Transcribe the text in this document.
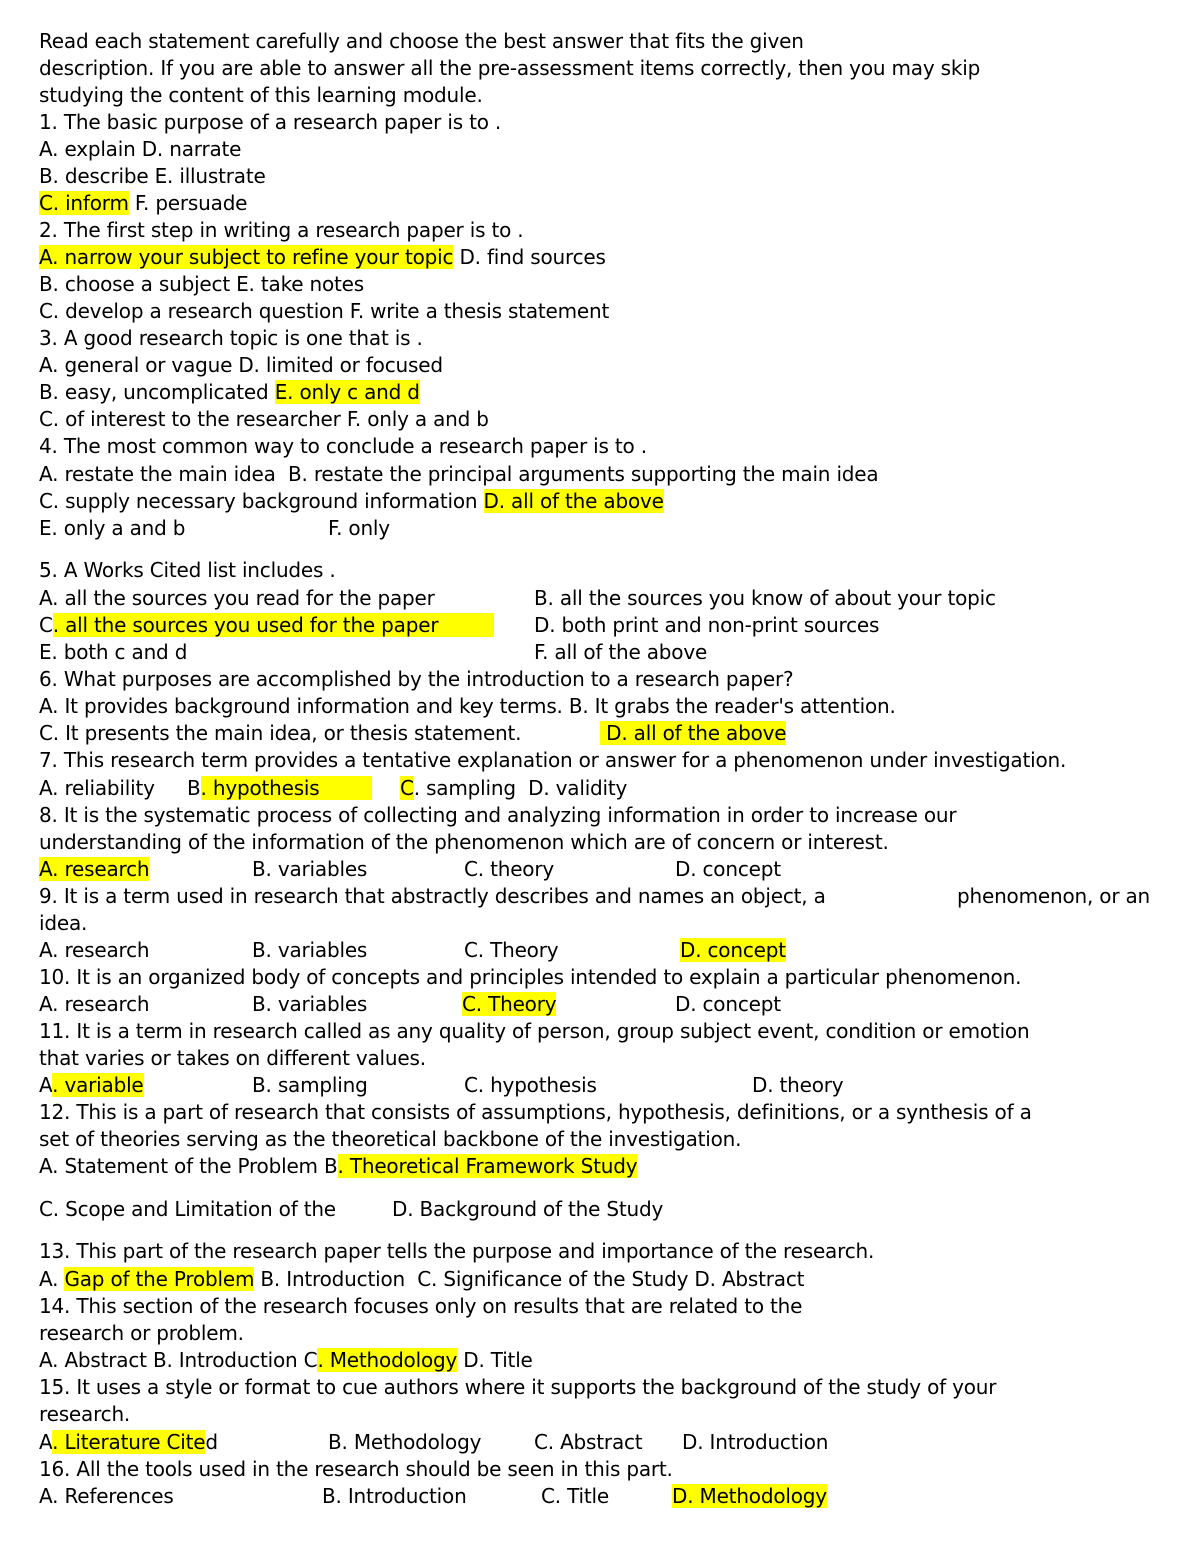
Read each statement carefully and choose the best answer that fits the given
description. If you are able to answer all the pre-assessment items correctly, then you may skip
studying the content of this learning module.
1. The basic purpose of a research paper is to .
A. explain D. narrate
B. describe E. illustrate
C. inform F. persuade
2. The first step in writing a research paper is to .
A. narrow your subject to refine your topic D. find sources
B. choose a subject E. take notes
C. develop a research question F. write a thesis statement
3. A good research topic is one that is .
A. general or vague D. limited or focused
B. easy, uncomplicated E. only c and d
C. of interest to the researcher F. only a and b
4. The most common way to conclude a research paper is to .
A. restate the main idea  B. restate the principal arguments supporting the main idea
C. supply necessary background information D. all of the above
E. only a and b	F. only
5. A Works Cited list includes .
A. all the sources you read for the paper	B. all the sources you know of about your topic
C. all the sources you used for the paper	D. both print and non-print sources
E. both c and d	F. all of the above
6. What purposes are accomplished by the introduction to a research paper?
A. It provides background information and key terms. B. It grabs the reader's attention.
C. It presents the main idea, or thesis statement.	D. all of the above
7. This research term provides a tentative explanation or answer for a phenomenon under investigation.
A. reliability B. hypothesis	C. sampling  D. validity
8. It is the systematic process of collecting and analyzing information in order to increase our
understanding of the information of the phenomenon which are of concern or interest.
A. research	B. variables	C. theory	D. concept
9. It is a term used in research that abstractly describes and names an object, a	phenomenon, or an
idea.
A. research	B. variables	C. Theory	D. concept
10. It is an organized body of concepts and principles intended to explain a particular phenomenon.
A. research	B. variables	C. Theory	D. concept
11. It is a term in research called as any quality of person, group subject event, condition or emotion
that varies or takes on different values.
A. variable	B. sampling	C. hypothesis	D. theory
12. This is a part of research that consists of assumptions, hypothesis, definitions, or a synthesis of a
set of theories serving as the theoretical backbone of the investigation.
A. Statement of the Problem B. Theoretical Framework Study
C. Scope and Limitation of the	D. Background of the Study
13. This part of the research paper tells the purpose and importance of the research.
A. Gap of the Problem B. Introduction  C. Significance of the Study D. Abstract
14. This section of the research focuses only on results that are related to the
research or problem.
A. Abstract B. Introduction C. Methodology D. Title
15. It uses a style or format to cue authors where it supports the background of the study of your
research.
A. Literature Cited	B. Methodology	C. Abstract D. Introduction
16. All the tools used in the research should be seen in this part.
A. References	B. Introduction	C. Title	D. Methodology
